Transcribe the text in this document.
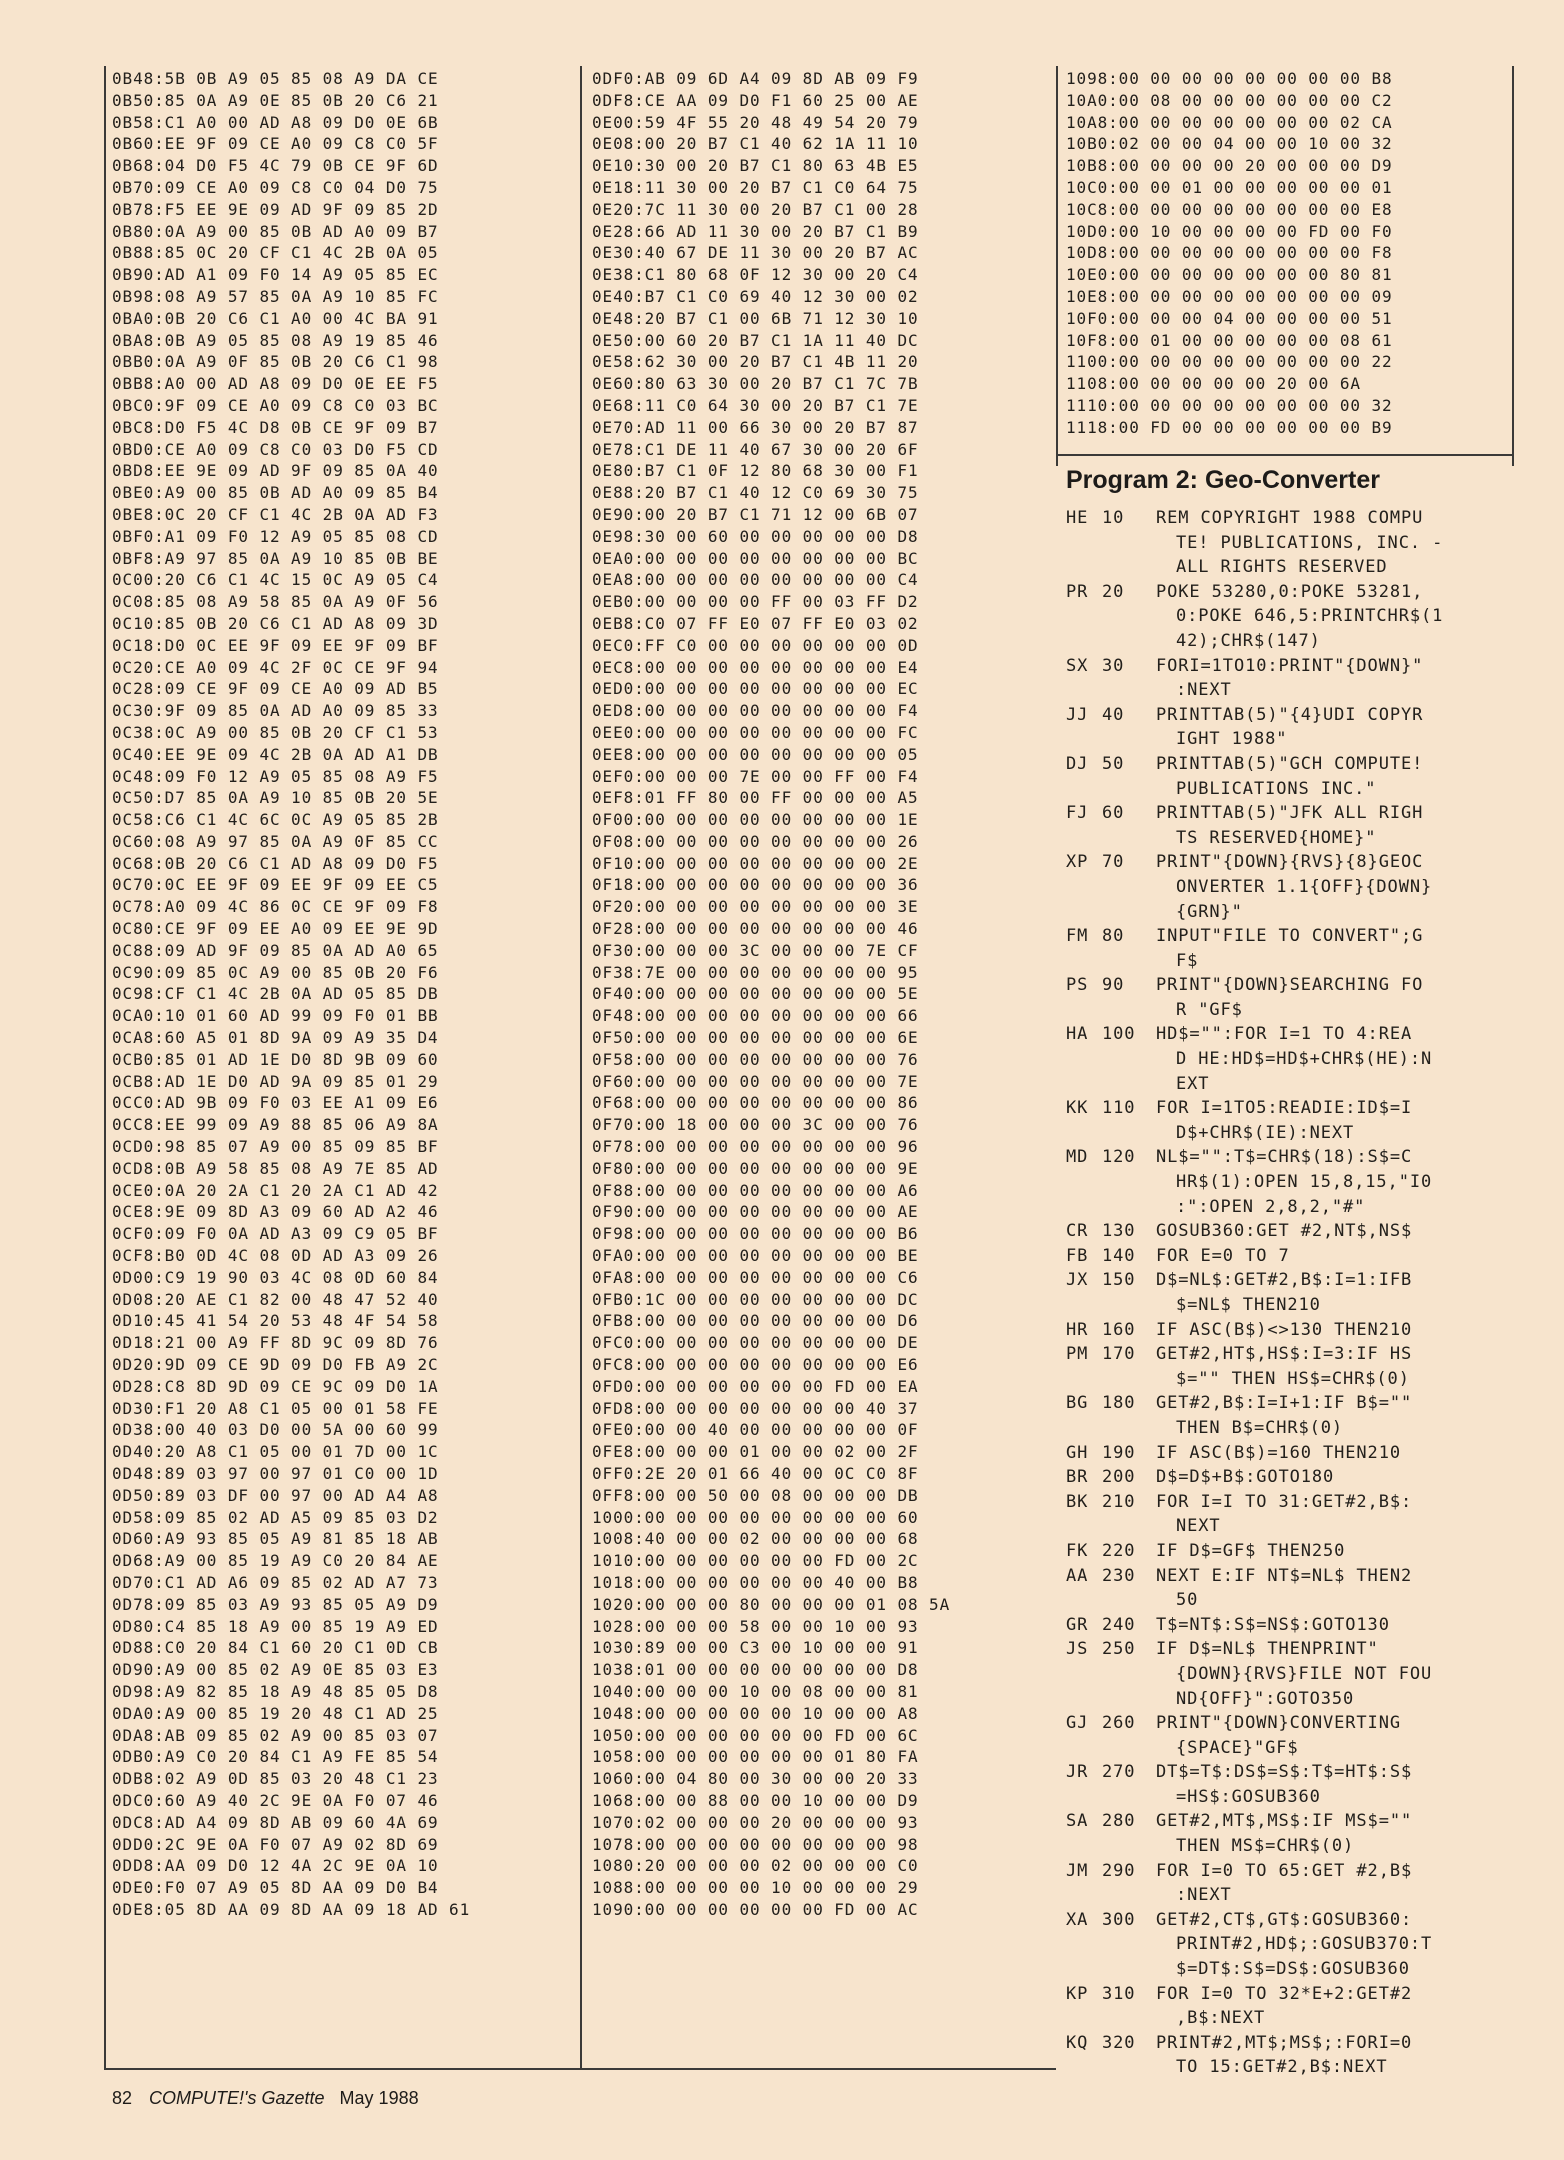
0B48:5B 0B A9 05 85 08 A9 DA CE
0B50:85 0A A9 0E 85 0B 20 C6 21
0B58:C1 A0 00 AD A8 09 D0 0E 6B
0B60:EE 9F 09 CE A0 09 C8 C0 5F
0B68:04 D0 F5 4C 79 0B CE 9F 6D
0B70:09 CE A0 09 C8 C0 04 D0 75
0B78:F5 EE 9E 09 AD 9F 09 85 2D
0B80:0A A9 00 85 0B AD A0 09 B7
0B88:85 0C 20 CF C1 4C 2B 0A 05
0B90:AD A1 09 F0 14 A9 05 85 EC
0B98:08 A9 57 85 0A A9 10 85 FC
0BA0:0B 20 C6 C1 A0 00 4C BA 91
0BA8:0B A9 05 85 08 A9 19 85 46
0BB0:0A A9 0F 85 0B 20 C6 C1 98
0BB8:A0 00 AD A8 09 D0 0E EE F5
0BC0:9F 09 CE A0 09 C8 C0 03 BC
0BC8:D0 F5 4C D8 0B CE 9F 09 B7
0BD0:CE A0 09 C8 C0 03 D0 F5 CD
0BD8:EE 9E 09 AD 9F 09 85 0A 40
0BE0:A9 00 85 0B AD A0 09 85 B4
0BE8:0C 20 CF C1 4C 2B 0A AD F3
0BF0:A1 09 F0 12 A9 05 85 08 CD
0BF8:A9 97 85 0A A9 10 85 0B BE
0C00:20 C6 C1 4C 15 0C A9 05 C4
0C08:85 08 A9 58 85 0A A9 0F 56
0C10:85 0B 20 C6 C1 AD A8 09 3D
0C18:D0 0C EE 9F 09 EE 9F 09 BF
0C20:CE A0 09 4C 2F 0C CE 9F 94
0C28:09 CE 9F 09 CE A0 09 AD B5
0C30:9F 09 85 0A AD A0 09 85 33
0C38:0C A9 00 85 0B 20 CF C1 53
0C40:EE 9E 09 4C 2B 0A AD A1 DB
0C48:09 F0 12 A9 05 85 08 A9 F5
0C50:D7 85 0A A9 10 85 0B 20 5E
0C58:C6 C1 4C 6C 0C A9 05 85 2B
0C60:08 A9 97 85 0A A9 0F 85 CC
0C68:0B 20 C6 C1 AD A8 09 D0 F5
0C70:0C EE 9F 09 EE 9F 09 EE C5
0C78:A0 09 4C 86 0C CE 9F 09 F8
0C80:CE 9F 09 EE A0 09 EE 9E 9D
0C88:09 AD 9F 09 85 0A AD A0 65
0C90:09 85 0C A9 00 85 0B 20 F6
0C98:CF C1 4C 2B 0A AD 05 85 DB
0CA0:10 01 60 AD 99 09 F0 01 BB
0CA8:60 A5 01 8D 9A 09 A9 35 D4
0CB0:85 01 AD 1E D0 8D 9B 09 60
0CB8:AD 1E D0 AD 9A 09 85 01 29
0CC0:AD 9B 09 F0 03 EE A1 09 E6
0CC8:EE 99 09 A9 88 85 06 A9 8A
0CD0:98 85 07 A9 00 85 09 85 BF
0CD8:0B A9 58 85 08 A9 7E 85 AD
0CE0:0A 20 2A C1 20 2A C1 AD 42
0CE8:9E 09 8D A3 09 60 AD A2 46
0CF0:09 F0 0A AD A3 09 C9 05 BF
0CF8:B0 0D 4C 08 0D AD A3 09 26
0D00:C9 19 90 03 4C 08 0D 60 84
0D08:20 AE C1 82 00 48 47 52 40
0D10:45 41 54 20 53 48 4F 54 58
0D18:21 00 A9 FF 8D 9C 09 8D 76
0D20:9D 09 CE 9D 09 D0 FB A9 2C
0D28:C8 8D 9D 09 CE 9C 09 D0 1A
0D30:F1 20 A8 C1 05 00 01 58 FE
0D38:00 40 03 D0 00 5A 00 60 99
0D40:20 A8 C1 05 00 01 7D 00 1C
0D48:89 03 97 00 97 01 C0 00 1D
0D50:89 03 DF 00 97 00 AD A4 A8
0D58:09 85 02 AD A5 09 85 03 D2
0D60:A9 93 85 05 A9 81 85 18 AB
0D68:A9 00 85 19 A9 C0 20 84 AE
0D70:C1 AD A6 09 85 02 AD A7 73
0D78:09 85 03 A9 93 85 05 A9 D9
0D80:C4 85 18 A9 00 85 19 A9 ED
0D88:C0 20 84 C1 60 20 C1 0D CB
0D90:A9 00 85 02 A9 0E 85 03 E3
0D98:A9 82 85 18 A9 48 85 05 D8
0DA0:A9 00 85 19 20 48 C1 AD 25
0DA8:AB 09 85 02 A9 00 85 03 07
0DB0:A9 C0 20 84 C1 A9 FE 85 54
0DB8:02 A9 0D 85 03 20 48 C1 23
0DC0:60 A9 40 2C 9E 0A F0 07 46
0DC8:AD A4 09 8D AB 09 60 4A 69
0DD0:2C 9E 0A F0 07 A9 02 8D 69
0DD8:AA 09 D0 12 4A 2C 9E 0A 10
0DE0:F0 07 A9 05 8D AA 09 D0 B4
0DE8:05 8D AA 09 8D AA 09 18 AD 61
0DF0:AB 09 6D A4 09 8D AB 09 F9
0DF8:CE AA 09 D0 F1 60 25 00 AE
0E00:59 4F 55 20 48 49 54 20 79
0E08:00 20 B7 C1 40 62 1A 11 10
0E10:30 00 20 B7 C1 80 63 4B E5
0E18:11 30 00 20 B7 C1 C0 64 75
0E20:7C 11 30 00 20 B7 C1 00 28
0E28:66 AD 11 30 00 20 B7 C1 B9
0E30:40 67 DE 11 30 00 20 B7 AC
0E38:C1 80 68 0F 12 30 00 20 C4
0E40:B7 C1 C0 69 40 12 30 00 02
0E48:20 B7 C1 00 6B 71 12 30 10
0E50:00 60 20 B7 C1 1A 11 40 DC
0E58:62 30 00 20 B7 C1 4B 11 20
0E60:80 63 30 00 20 B7 C1 7C 7B
0E68:11 C0 64 30 00 20 B7 C1 7E
0E70:AD 11 00 66 30 00 20 B7 87
0E78:C1 DE 11 40 67 30 00 20 6F
0E80:B7 C1 0F 12 80 68 30 00 F1
0E88:20 B7 C1 40 12 C0 69 30 75
0E90:00 20 B7 C1 71 12 00 6B 07
0E98:30 00 60 00 00 00 00 00 D8
0EA0:00 00 00 00 00 00 00 00 BC
0EA8:00 00 00 00 00 00 00 00 C4
0EB0:00 00 00 00 FF 00 03 FF D2
0EB8:C0 07 FF E0 07 FF E0 03 02
0EC0:FF C0 00 00 00 00 00 00 0D
0EC8:00 00 00 00 00 00 00 00 E4
0ED0:00 00 00 00 00 00 00 00 EC
0ED8:00 00 00 00 00 00 00 00 F4
0EE0:00 00 00 00 00 00 00 00 FC
0EE8:00 00 00 00 00 00 00 00 05
0EF0:00 00 00 7E 00 00 FF 00 F4
0EF8:01 FF 80 00 FF 00 00 00 A5
0F00:00 00 00 00 00 00 00 00 1E
0F08:00 00 00 00 00 00 00 00 26
0F10:00 00 00 00 00 00 00 00 2E
0F18:00 00 00 00 00 00 00 00 36
0F20:00 00 00 00 00 00 00 00 3E
0F28:00 00 00 00 00 00 00 00 46
0F30:00 00 00 3C 00 00 00 7E CF
0F38:7E 00 00 00 00 00 00 00 95
0F40:00 00 00 00 00 00 00 00 5E
0F48:00 00 00 00 00 00 00 00 66
0F50:00 00 00 00 00 00 00 00 6E
0F58:00 00 00 00 00 00 00 00 76
0F60:00 00 00 00 00 00 00 00 7E
0F68:00 00 00 00 00 00 00 00 86
0F70:00 18 00 00 00 3C 00 00 76
0F78:00 00 00 00 00 00 00 00 96
0F80:00 00 00 00 00 00 00 00 9E
0F88:00 00 00 00 00 00 00 00 A6
0F90:00 00 00 00 00 00 00 00 AE
0F98:00 00 00 00 00 00 00 00 B6
0FA0:00 00 00 00 00 00 00 00 BE
0FA8:00 00 00 00 00 00 00 00 C6
0FB0:1C 00 00 00 00 00 00 00 DC
0FB8:00 00 00 00 00 00 00 00 D6
0FC0:00 00 00 00 00 00 00 00 DE
0FC8:00 00 00 00 00 00 00 00 E6
0FD0:00 00 00 00 00 00 FD 00 EA
0FD8:00 00 00 00 00 00 00 40 37
0FE0:00 00 40 00 00 00 00 00 0F
0FE8:00 00 00 01 00 00 02 00 2F
0FF0:2E 20 01 66 40 00 0C C0 8F
0FF8:00 00 50 00 08 00 00 00 DB
1000:00 00 00 00 00 00 00 00 60
1008:40 00 00 02 00 00 00 00 68
1010:00 00 00 00 00 00 FD 00 2C
1018:00 00 00 00 00 00 40 00 B8
1020:00 00 00 80 00 00 00 01 08 5A
1028:00 00 00 58 00 00 10 00 93
1030:89 00 00 C3 00 10 00 00 91
1038:01 00 00 00 00 00 00 00 D8
1040:00 00 00 10 00 08 00 00 81
1048:00 00 00 00 00 10 00 00 A8
1050:00 00 00 00 00 00 FD 00 6C
1058:00 00 00 00 00 00 01 80 FA
1060:00 04 80 00 30 00 00 20 33
1068:00 00 88 00 00 10 00 00 D9
1070:02 00 00 00 20 00 00 00 93
1078:00 00 00 00 00 00 00 00 98
1080:20 00 00 00 02 00 00 00 C0
1088:00 00 00 00 10 00 00 00 29
1090:00 00 00 00 00 00 FD 00 AC
1098:00 00 00 00 00 00 00 00 B8
10A0:00 08 00 00 00 00 00 00 C2
10A8:00 00 00 00 00 00 00 02 CA
10B0:02 00 00 04 00 00 10 00 32
10B8:00 00 00 00 20 00 00 00 D9
10C0:00 00 01 00 00 00 00 00 01
10C8:00 00 00 00 00 00 00 00 E8
10D0:00 10 00 00 00 00 FD 00 F0
10D8:00 00 00 00 00 00 00 00 F8
10E0:00 00 00 00 00 00 00 80 81
10E8:00 00 00 00 00 00 00 00 09
10F0:00 00 00 04 00 00 00 00 51
10F8:00 01 00 00 00 00 00 08 61
1100:00 00 00 00 00 00 00 00 22
1108:00 00 00 00 00 20 00 6A
1110:00 00 00 00 00 00 00 00 32
1118:00 FD 00 00 00 00 00 00 B9
Program 2: Geo-Converter
HE 10 REM COPYRIGHT 1988 COMPU
TE! PUBLICATIONS, INC. -
ALL RIGHTS RESERVED
PR 20 POKE 53280,0:POKE 53281,
0:POKE 646,5:PRINTCHR$(1
42);CHR$(147)
SX 30 FORI=1TO10:PRINT"{DOWN}"
:NEXT
JJ 40 PRINTTAB(5)"{4}UDI COPYR
IGHT 1988"
DJ 50 PRINTTAB(5)"GCH COMPUTE!
PUBLICATIONS INC."
FJ 60 PRINTTAB(5)"JFK ALL RIGH
TS RESERVED{HOME}"
XP 70 PRINT"{DOWN}{RVS}{8}GEOC
ONVERTER 1.1{OFF}{DOWN}
{GRN}"
FM 80 INPUT"FILE TO CONVERT";G
F$
PS 90 PRINT"{DOWN}SEARCHING FO
R "GF$
HA 100 HD$="":FOR I=1 TO 4:REA
D HE:HD$=HD$+CHR$(HE):N
EXT
KK 110 FOR I=1TO5:READIE:ID$=I
D$+CHR$(IE):NEXT
MD 120 NL$="":T$=CHR$(18):S$=C
HR$(1):OPEN 15,8,15,"I0
:":OPEN 2,8,2,"#"
CR 130 GOSUB360:GET #2,NT$,NS$
FB 140 FOR E=0 TO 7
JX 150 D$=NL$:GET#2,B$:I=1:IFB
$=NL$ THEN210
HR 160 IF ASC(B$)<>130 THEN210
PM 170 GET#2,HT$,HS$:I=3:IF HS
$="" THEN HS$=CHR$(0)
BG 180 GET#2,B$:I=I+1:IF B$=""
THEN B$=CHR$(0)
GH 190 IF ASC(B$)=160 THEN210
BR 200 D$=D$+B$:GOTO180
BK 210 FOR I=I TO 31:GET#2,B$:
NEXT
FK 220 IF D$=GF$ THEN250
AA 230 NEXT E:IF NT$=NL$ THEN2
50
GR 240 T$=NT$:S$=NS$:GOTO130
JS 250 IF D$=NL$ THENPRINT"
{DOWN}{RVS}FILE NOT FOU
ND{OFF}":GOTO350
GJ 260 PRINT"{DOWN}CONVERTING
{SPACE}"GF$
JR 270 DT$=T$:DS$=S$:T$=HT$:S$
=HS$:GOSUB360
SA 280 GET#2,MT$,MS$:IF MS$=""
THEN MS$=CHR$(0)
JM 290 FOR I=0 TO 65:GET #2,B$
:NEXT
XA 300 GET#2,CT$,GT$:GOSUB360:
PRINT#2,HD$;:GOSUB370:T
$=DT$:S$=DS$:GOSUB360
KP 310 FOR I=0 TO 32*E+2:GET#2
,B$:NEXT
KQ 320 PRINT#2,MT$;MS$;:FORI=0
TO 15:GET#2,B$:NEXT
82 COMPUTE!'s Gazette May 1988
